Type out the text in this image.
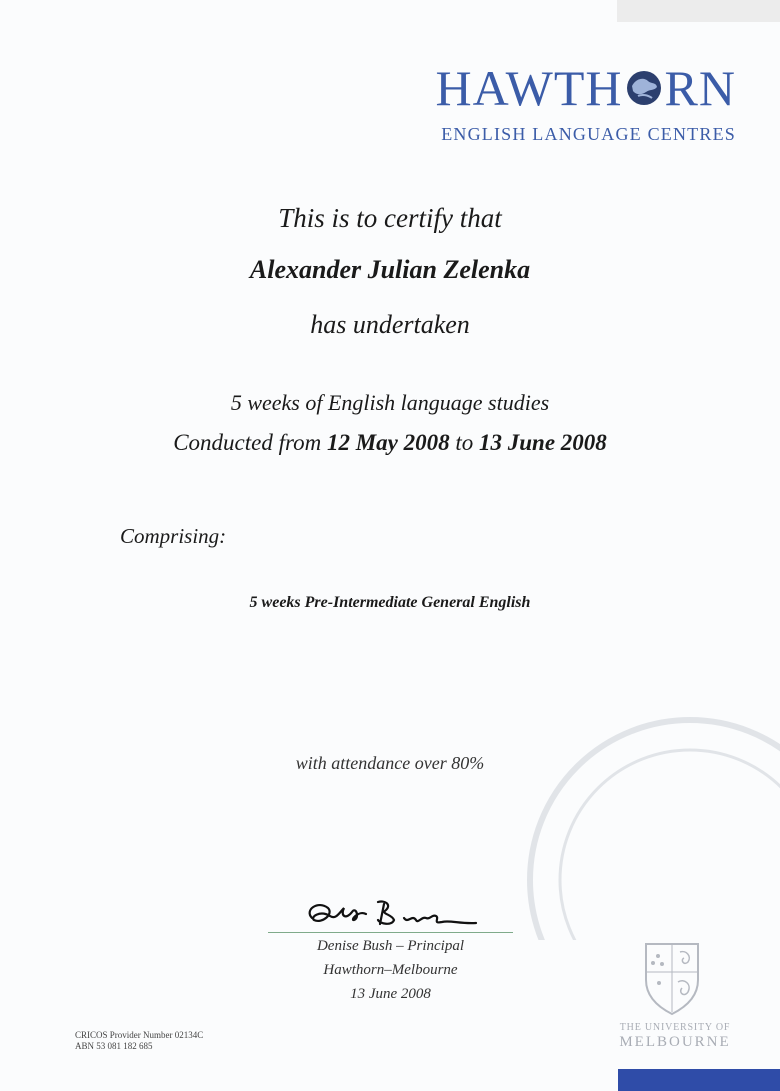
HAWTH RN
ENGLISH LANGUAGE CENTRES
This is to certify that
Alexander Julian Zelenka
has undertaken
5 weeks of English language studies
Conducted from 12 May 2008 to 13 June 2008
Comprising:
5 weeks Pre-Intermediate General English
with attendance over 80%
Denise Bush – Principal
Hawthorn–Melbourne
13 June 2008
CRICOS Provider Number 02134C
ABN 53 081 182 685
THE UNIVERSITY OF
MELBOURNE
